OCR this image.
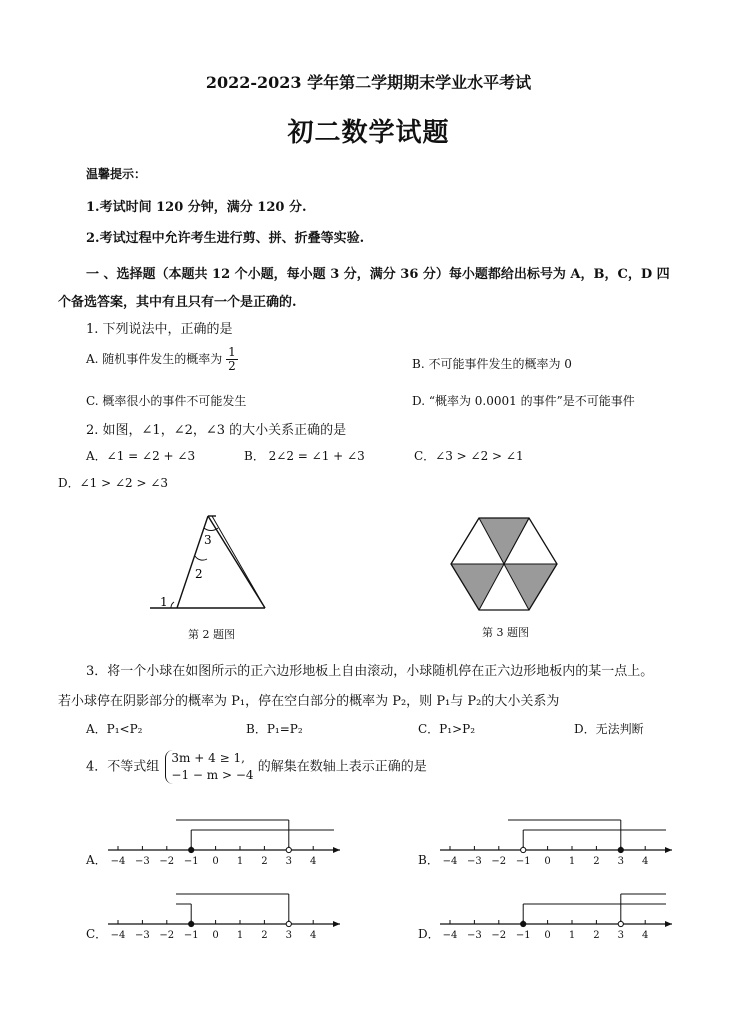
2022-2023 学年第二学期期末学业水平考试
初二数学试题
温馨提示：
1.考试时间 120 分钟，满分 120 分.
2.考试过程中允许考生进行剪、拼、折叠等实验.
一 、选择题（本题共 12 个小题，每小题 3 分，满分 36 分）每小题都给出标号为 A，B，C，D 四
个备选答案，其中有且只有一个是正确的.
1. 下列说法中，正确的是
A. 随机事件发生的概率为 $\frac{1}{2}$	B. 不可能事件发生的概率为 0
C. 概率很小的事件不可能发生	D. “概率为 0.0001 的事件”是不可能事件
2. 如图，∠1，∠2，∠3 的大小关系正确的是
A．∠1 = ∠2 + ∠3	B． 2∠2 = ∠1 + ∠3	C．∠3 > ∠2 > ∠1
D．∠1 > ∠2 > ∠3
1
2
3
第 2 题图	第 3 题图
3．将一个小球在如图所示的正六边形地板上自由滚动，小球随机停在正六边形地板内的某一点上。
若小球停在阴影部分的概率为 P₁，停在空白部分的概率为 P₂，则 P₁与 P₂的大小关系为
A．P₁<P₂	B．P₁=P₂	C．P₁>P₂	D．无法判断
4．不等式组
3m + 4 ≥ 1,
−1 − m > −4
的解集在数轴上表示正确的是
A．	B．
C．	D．
−4 −3 −2 −1 0 1 2 3 4	−4 −3 −2 −1 0 1 2 3 4
−4 −3 −2 −1 0 1 2 3 4	−4 −3 −2 −1 0 1 2 3 4
